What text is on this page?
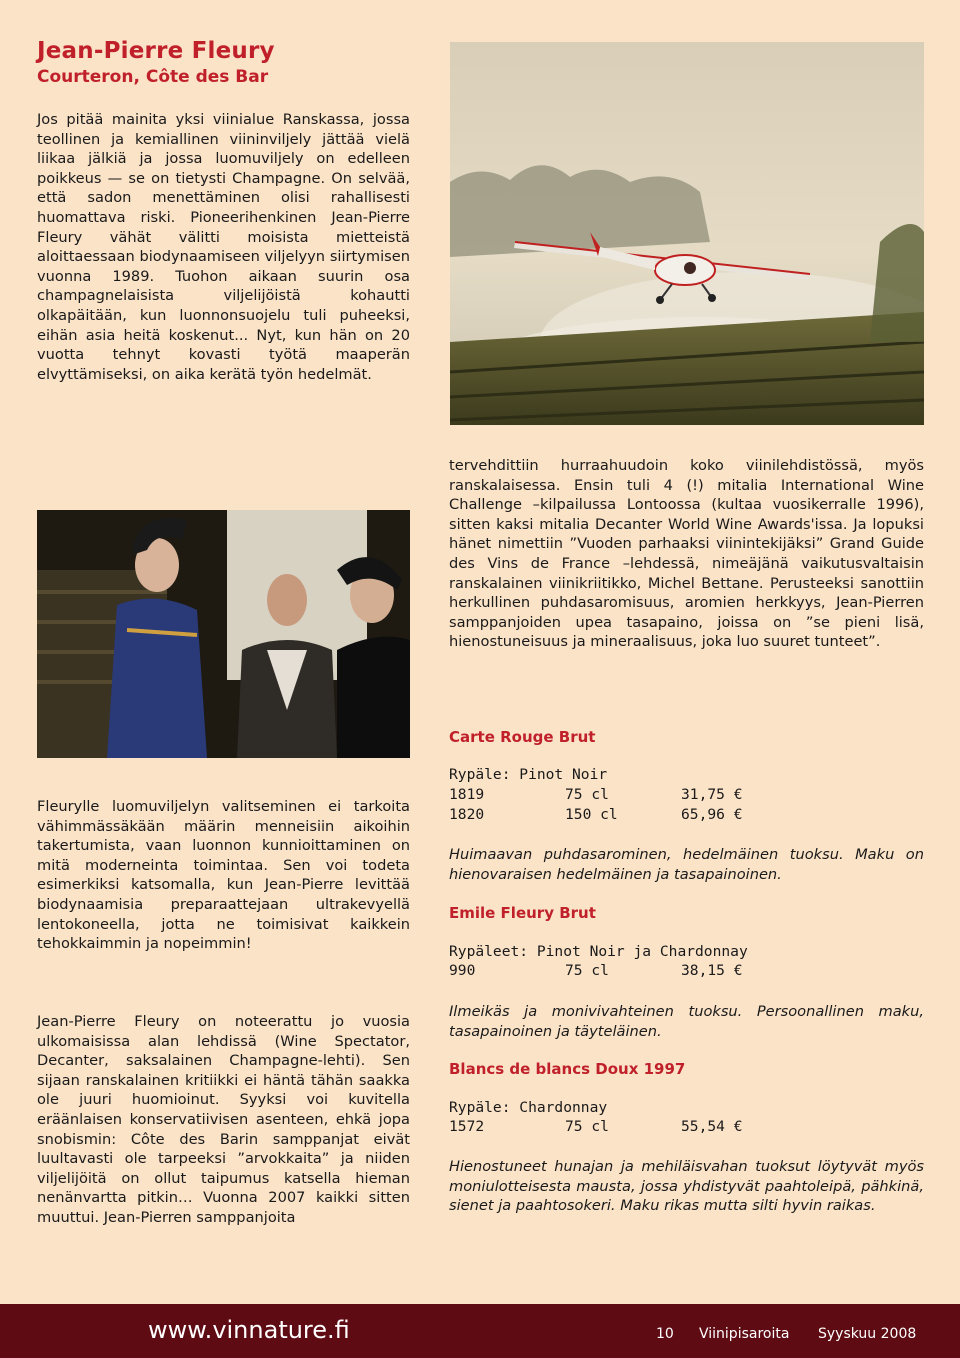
Jean-Pierre Fleury
Courteron, Côte des Bar
Jos pitää mainita yksi viinialue Ranskassa, jossa teollinen ja kemiallinen viininviljely jättää vielä liikaa jälkiä ja jossa luomuviljely on edelleen poikkeus — se on tietysti Champagne. On selvää, että sadon menettäminen olisi rahallisesti huomattava riski. Pioneerihenkinen Jean-Pierre Fleury vähät välitti moisista mietteistä aloittaessaan biodynaamiseen viljelyyn siirtymisen vuonna 1989. Tuohon aikaan suurin osa champagnelaisista viljelijöistä kohautti olkapäitään, kun luonnonsuojelu tuli puheeksi, eihän asia heitä koskenut... Nyt, kun hän on 20 vuotta tehnyt kovasti työtä maaperän elvyttämiseksi, on aika kerätä työn hedelmät.
tervehdittiin hurraahuudoin koko viinilehdistössä, myös ranskalaisessa. Ensin tuli 4 (!) mitalia International Wine Challenge –kilpailussa Lontoossa (kultaa vuosikerralle 1996), sitten kaksi mitalia Decanter World Wine Awards'issa. Ja lopuksi hänet nimettiin ”Vuoden parhaaksi viinintekijäksi” Grand Guide des Vins de France –lehdessä, nimeäjänä vaikutusvaltaisin ranskalainen viinikriitikko, Michel Bettane. Perusteeksi sanottiin herkullinen puhdasaromisuus, aromien herkkyys, Jean-Pierren samppanjoiden upea tasapaino, joissa on ”se pieni lisä, hienostuneisuus ja mineraalisuus, joka luo suuret tunteet”.
Carte Rouge Brut
Rypäle: Pinot Noir
1819	75 cl	31,75 €
1820	150 cl	65,96 €
Huimaavan puhdasarominen, hedelmäinen tuoksu. Maku on hienovaraisen hedelmäinen ja tasapainoinen.
Emile Fleury Brut
Rypäleet: Pinot Noir ja Chardonnay
990	75 cl	38,15 €
Ilmeikäs ja monivivahteinen tuoksu. Persoonallinen maku, tasapainoinen ja täyteläinen.
Blancs de blancs Doux 1997
Rypäle: Chardonnay
1572	75 cl	55,54 €
Hienostuneet hunajan ja mehiläisvahan tuoksut löytyvät myös moniulotteisesta mausta, jossa yhdistyvät paahtoleipä, pähkinä, sienet ja paahtosokeri. Maku rikas mutta silti hyvin raikas.
Fleurylle luomuviljelyn valitseminen ei tarkoita vähimmässäkään määrin menneisiin aikoihin takertumista, vaan luonnon kunnioittaminen on mitä moderneinta toimintaa. Sen voi todeta esimerkiksi katsomalla, kun Jean-Pierre levittää biodynaamisia preparaattejaan ultrakevyellä lentokoneella, jotta ne toimisivat kaikkein tehokkaimmin ja nopeimmin!
Jean-Pierre Fleury on noteerattu jo vuosia ulkomaisissa alan lehdissä (Wine Spectator, Decanter, saksalainen Champagne-lehti). Sen sijaan ranskalainen kritiikki ei häntä tähän saakka ole juuri huomioinut. Syyksi voi kuvitella eräänlaisen konservatiivisen asenteen, ehkä jopa snobismin: Côte des Barin samppanjat eivät luultavasti ole tarpeeksi ”arvokkaita” ja niiden viljelijöitä on ollut taipumus katsella hieman nenänvartta pitkin… Vuonna 2007 kaikki sitten muuttui. Jean-Pierren samppanjoita
www.vinnature.fi	10 Viinipisaroita Syyskuu 2008
